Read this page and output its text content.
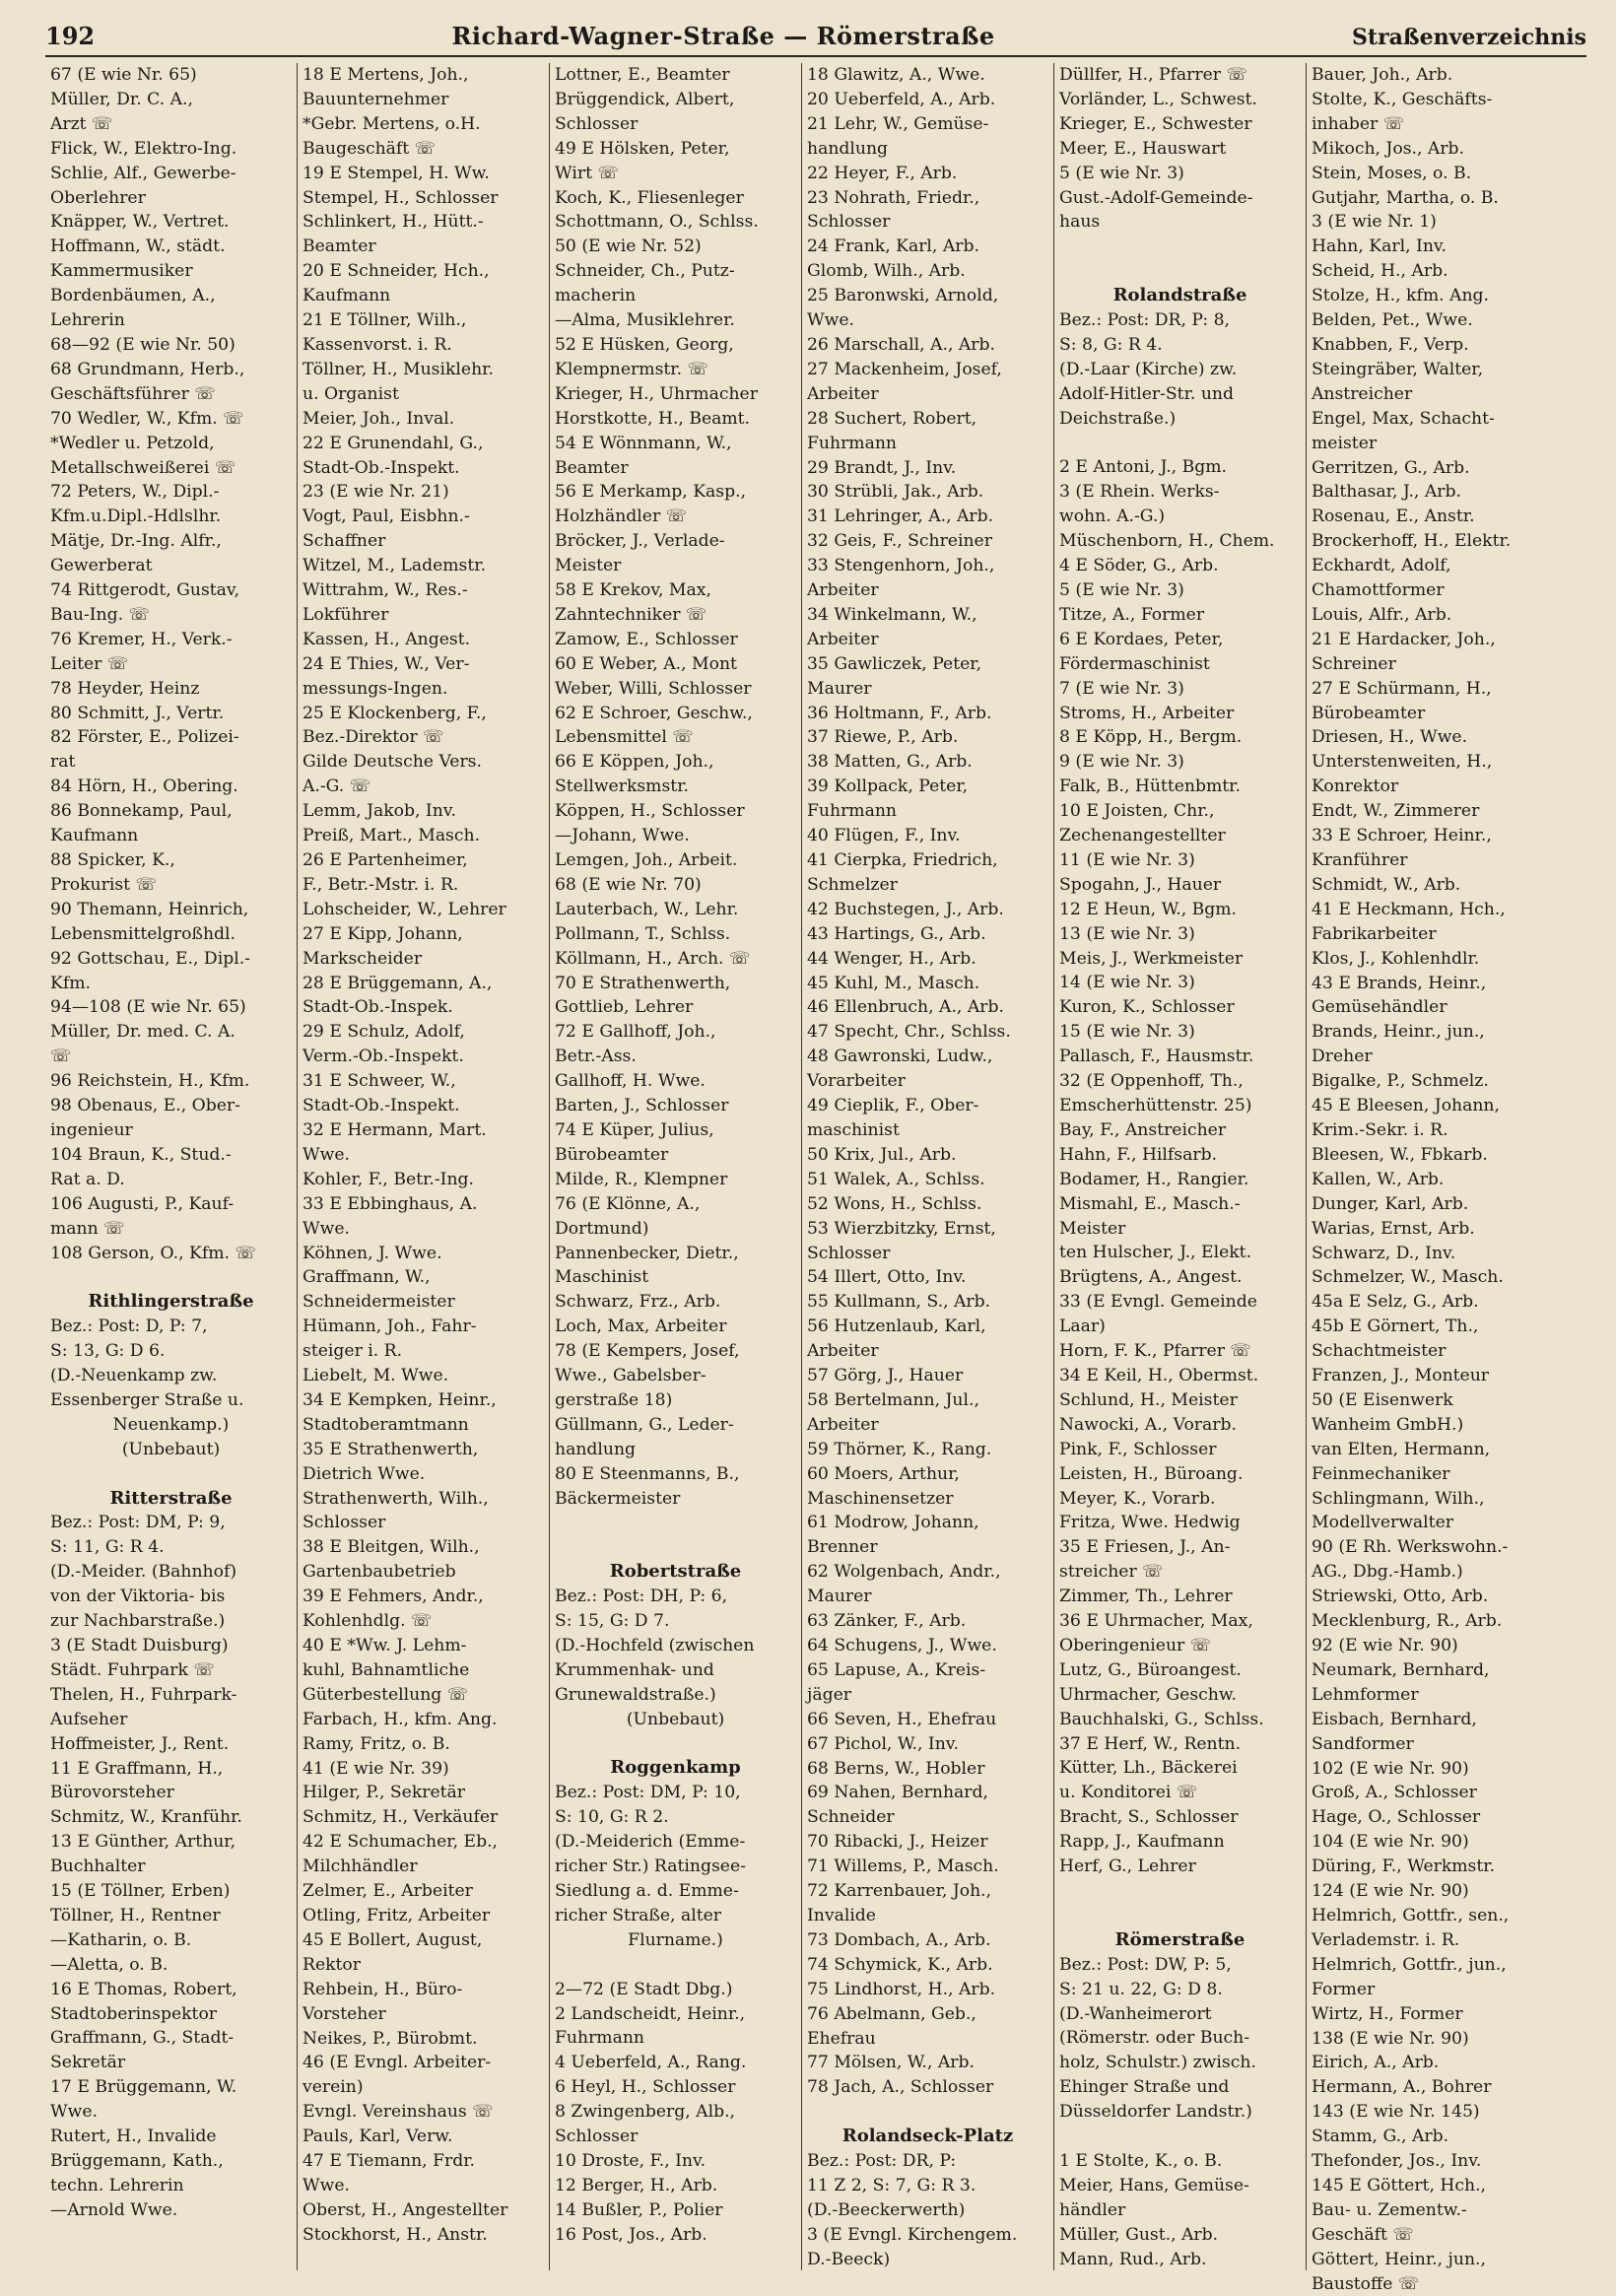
192	Richard-Wagner-Straße — Römerstraße	Straßenverzeichnis
67 (E wie Nr. 65)
Müller, Dr. C. A.,
Arzt ☏
Flick, W., Elektro-Ing.
Schlie, Alf., Gewerbe-
Oberlehrer
Knäpper, W., Vertret.
Hoffmann, W., städt.
Kammermusiker
Bordenbäumen, A.,
Lehrerin
68—92 (E wie Nr. 50)
68 Grundmann, Herb.,
Geschäftsführer ☏
70 Wedler, W., Kfm. ☏
*Wedler u. Petzold,
Metallschweißerei ☏
72 Peters, W., Dipl.-
Kfm.u.Dipl.-Hdlslhr.
Mätje, Dr.-Ing. Alfr.,
Gewerberat
74 Rittgerodt, Gustav,
Bau-Ing. ☏
76 Kremer, H., Verk.-
Leiter ☏
78 Heyder, Heinz
80 Schmitt, J., Vertr.
82 Förster, E., Polizei-
rat
84 Hörn, H., Obering.
86 Bonnekamp, Paul,
Kaufmann
88 Spicker, K.,
Prokurist ☏
90 Themann, Heinrich,
Lebensmittelgroßhdl.
92 Gottschau, E., Dipl.-
Kfm.
94—108 (E wie Nr. 65)
Müller, Dr. med. C. A.
☏
96 Reichstein, H., Kfm.
98 Obenaus, E., Ober-
ingenieur
104 Braun, K., Stud.-
Rat a. D.
106 Augusti, P., Kauf-
mann ☏
108 Gerson, O., Kfm. ☏
Rithlingerstraße
Bez.: Post: D, P: 7,
S: 13, G: D 6.
(D.-Neuenkamp zw.
Essenberger Straße u.
Neuenkamp.)
(Unbebaut)
Ritterstraße
Bez.: Post: DM, P: 9,
S: 11, G: R 4.
(D.-Meider. (Bahnhof)
von der Viktoria- bis
zur Nachbarstraße.)
3 (E Stadt Duisburg)
Städt. Fuhrpark ☏
Thelen, H., Fuhrpark-
Aufseher
Hoffmeister, J., Rent.
11 E Graffmann, H.,
Bürovorsteher
Schmitz, W., Kranführ.
13 E Günther, Arthur,
Buchhalter
15 (E Töllner, Erben)
Töllner, H., Rentner
—Katharin, o. B.
—Aletta, o. B.
16 E Thomas, Robert,
Stadtoberinspektor
Graffmann, G., Stadt-
Sekretär
17 E Brüggemann, W.
Wwe.
Rutert, H., Invalide
Brüggemann, Kath.,
techn. Lehrerin
—Arnold Wwe.
18 E Mertens, Joh.,
Bauunternehmer
*Gebr. Mertens, o.H.
Baugeschäft ☏
19 E Stempel, H. Ww.
Stempel, H., Schlosser
Schlinkert, H., Hütt.-
Beamter
20 E Schneider, Hch.,
Kaufmann
21 E Töllner, Wilh.,
Kassenvorst. i. R.
Töllner, H., Musiklehr.
u. Organist
Meier, Joh., Inval.
22 E Grunendahl, G.,
Stadt-Ob.-Inspekt.
23 (E wie Nr. 21)
Vogt, Paul, Eisbhn.-
Schaffner
Witzel, M., Lademstr.
Wittrahm, W., Res.-
Lokführer
Kassen, H., Angest.
24 E Thies, W., Ver-
messungs-Ingen.
25 E Klockenberg, F.,
Bez.-Direktor ☏
Gilde Deutsche Vers.
A.-G. ☏
Lemm, Jakob, Inv.
Preiß, Mart., Masch.
26 E Partenheimer,
F., Betr.-Mstr. i. R.
Lohscheider, W., Lehrer
27 E Kipp, Johann,
Markscheider
28 E Brüggemann, A.,
Stadt-Ob.-Inspek.
29 E Schulz, Adolf,
Verm.-Ob.-Inspekt.
31 E Schweer, W.,
Stadt-Ob.-Inspekt.
32 E Hermann, Mart.
Wwe.
Kohler, F., Betr.-Ing.
33 E Ebbinghaus, A.
Wwe.
Köhnen, J. Wwe.
Graffmann, W.,
Schneidermeister
Hümann, Joh., Fahr-
steiger i. R.
Liebelt, M. Wwe.
34 E Kempken, Heinr.,
Stadtoberamtmann
35 E Strathenwerth,
Dietrich Wwe.
Strathenwerth, Wilh.,
Schlosser
38 E Bleitgen, Wilh.,
Gartenbaubetrieb
39 E Fehmers, Andr.,
Kohlenhdlg. ☏
40 E *Ww. J. Lehm-
kuhl, Bahnamtliche
Güterbestellung ☏
Farbach, H., kfm. Ang.
Ramy, Fritz, o. B.
41 (E wie Nr. 39)
Hilger, P., Sekretär
Schmitz, H., Verkäufer
42 E Schumacher, Eb.,
Milchhändler
Zelmer, E., Arbeiter
Otling, Fritz, Arbeiter
45 E Bollert, August,
Rektor
Rehbein, H., Büro-
Vorsteher
Neikes, P., Bürobmt.
46 (E Evngl. Arbeiter-
verein)
Evngl. Vereinshaus ☏
Pauls, Karl, Verw.
47 E Tiemann, Frdr.
Wwe.
Oberst, H., Angestellter
Stockhorst, H., Anstr.
Lottner, E., Beamter
Brüggendick, Albert,
Schlosser
49 E Hölsken, Peter,
Wirt ☏
Koch, K., Fliesenleger
Schottmann, O., Schlss.
50 (E wie Nr. 52)
Schneider, Ch., Putz-
macherin
—Alma, Musiklehrer.
52 E Hüsken, Georg,
Klempnermstr. ☏
Krieger, H., Uhrmacher
Horstkotte, H., Beamt.
54 E Wönnmann, W.,
Beamter
56 E Merkamp, Kasp.,
Holzhändler ☏
Bröcker, J., Verlade-
Meister
58 E Krekov, Max,
Zahntechniker ☏
Zamow, E., Schlosser
60 E Weber, A., Mont
Weber, Willi, Schlosser
62 E Schroer, Geschw.,
Lebensmittel ☏
66 E Köppen, Joh.,
Stellwerksmstr.
Köppen, H., Schlosser
—Johann, Wwe.
Lemgen, Joh., Arbeit.
68 (E wie Nr. 70)
Lauterbach, W., Lehr.
Pollmann, T., Schlss.
Köllmann, H., Arch. ☏
70 E Strathenwerth,
Gottlieb, Lehrer
72 E Gallhoff, Joh.,
Betr.-Ass.
Gallhoff, H. Wwe.
Barten, J., Schlosser
74 E Küper, Julius,
Bürobeamter
Milde, R., Klempner
76 (E Klönne, A.,
Dortmund)
Pannenbecker, Dietr.,
Maschinist
Schwarz, Frz., Arb.
Loch, Max, Arbeiter
78 (E Kempers, Josef,
Wwe., Gabelsber-
gerstraße 18)
Güllmann, G., Leder-
handlung
80 E Steenmanns, B.,
Bäckermeister
Robertstraße
Bez.: Post: DH, P: 6,
S: 15, G: D 7.
(D.-Hochfeld (zwischen
Krummenhak- und
Grunewaldstraße.)
(Unbebaut)
Roggenkamp
Bez.: Post: DM, P: 10,
S: 10, G: R 2.
(D.-Meiderich (Emme-
richer Str.) Ratingsee-
Siedlung a. d. Emme-
richer Straße, alter
Flurname.)
2—72 (E Stadt Dbg.)
2 Landscheidt, Heinr.,
Fuhrmann
4 Ueberfeld, A., Rang.
6 Heyl, H., Schlosser
8 Zwingenberg, Alb.,
Schlosser
10 Droste, F., Inv.
12 Berger, H., Arb.
14 Bußler, P., Polier
16 Post, Jos., Arb.
18 Glawitz, A., Wwe.
20 Ueberfeld, A., Arb.
21 Lehr, W., Gemüse-
handlung
22 Heyer, F., Arb.
23 Nohrath, Friedr.,
Schlosser
24 Frank, Karl, Arb.
Glomb, Wilh., Arb.
25 Baronwski, Arnold,
Wwe.
26 Marschall, A., Arb.
27 Mackenheim, Josef,
Arbeiter
28 Suchert, Robert,
Fuhrmann
29 Brandt, J., Inv.
30 Strübli, Jak., Arb.
31 Lehringer, A., Arb.
32 Geis, F., Schreiner
33 Stengenhorn, Joh.,
Arbeiter
34 Winkelmann, W.,
Arbeiter
35 Gawliczek, Peter,
Maurer
36 Holtmann, F., Arb.
37 Riewe, P., Arb.
38 Matten, G., Arb.
39 Kollpack, Peter,
Fuhrmann
40 Flügen, F., Inv.
41 Cierpka, Friedrich,
Schmelzer
42 Buchstegen, J., Arb.
43 Hartings, G., Arb.
44 Wenger, H., Arb.
45 Kuhl, M., Masch.
46 Ellenbruch, A., Arb.
47 Specht, Chr., Schlss.
48 Gawronski, Ludw.,
Vorarbeiter
49 Cieplik, F., Ober-
maschinist
50 Krix, Jul., Arb.
51 Walek, A., Schlss.
52 Wons, H., Schlss.
53 Wierzbitzky, Ernst,
Schlosser
54 Illert, Otto, Inv.
55 Kullmann, S., Arb.
56 Hutzenlaub, Karl,
Arbeiter
57 Görg, J., Hauer
58 Bertelmann, Jul.,
Arbeiter
59 Thörner, K., Rang.
60 Moers, Arthur,
Maschinensetzer
61 Modrow, Johann,
Brenner
62 Wolgenbach, Andr.,
Maurer
63 Zänker, F., Arb.
64 Schugens, J., Wwe.
65 Lapuse, A., Kreis-
jäger
66 Seven, H., Ehefrau
67 Pichol, W., Inv.
68 Berns, W., Hobler
69 Nahen, Bernhard,
Schneider
70 Ribacki, J., Heizer
71 Willems, P., Masch.
72 Karrenbauer, Joh.,
Invalide
73 Dombach, A., Arb.
74 Schymick, K., Arb.
75 Lindhorst, H., Arb.
76 Abelmann, Geb.,
Ehefrau
77 Mölsen, W., Arb.
78 Jach, A., Schlosser
Rolandseck-Platz
Bez.: Post: DR, P:
11 Z 2, S: 7, G: R 3.
(D.-Beeckerwerth)
3 (E Evngl. Kirchengem.
D.-Beeck)
Düllfer, H., Pfarrer ☏
Vorländer, L., Schwest.
Krieger, E., Schwester
Meer, E., Hauswart
5 (E wie Nr. 3)
Gust.-Adolf-Gemeinde-
haus
Rolandstraße
Bez.: Post: DR, P: 8,
S: 8, G: R 4.
(D.-Laar (Kirche) zw.
Adolf-Hitler-Str. und
Deichstraße.)
2 E Antoni, J., Bgm.
3 (E Rhein. Werks-
wohn. A.-G.)
Müschenborn, H., Chem.
4 E Söder, G., Arb.
5 (E wie Nr. 3)
Titze, A., Former
6 E Kordaes, Peter,
Fördermaschinist
7 (E wie Nr. 3)
Stroms, H., Arbeiter
8 E Köpp, H., Bergm.
9 (E wie Nr. 3)
Falk, B., Hüttenbmtr.
10 E Joisten, Chr.,
Zechenangestellter
11 (E wie Nr. 3)
Spogahn, J., Hauer
12 E Heun, W., Bgm.
13 (E wie Nr. 3)
Meis, J., Werkmeister
14 (E wie Nr. 3)
Kuron, K., Schlosser
15 (E wie Nr. 3)
Pallasch, F., Hausmstr.
32 (E Oppenhoff, Th.,
Emscherhüttenstr. 25)
Bay, F., Anstreicher
Hahn, F., Hilfsarb.
Bodamer, H., Rangier.
Mismahl, E., Masch.-
Meister
ten Hulscher, J., Elekt.
Brügtens, A., Angest.
33 (E Evngl. Gemeinde
Laar)
Horn, F. K., Pfarrer ☏
34 E Keil, H., Obermst.
Schlund, H., Meister
Nawocki, A., Vorarb.
Pink, F., Schlosser
Leisten, H., Büroang.
Meyer, K., Vorarb.
Fritza, Wwe. Hedwig
35 E Friesen, J., An-
streicher ☏
Zimmer, Th., Lehrer
36 E Uhrmacher, Max,
Oberingenieur ☏
Lutz, G., Büroangest.
Uhrmacher, Geschw.
Bauchhalski, G., Schlss.
37 E Herf, W., Rentn.
Kütter, Lh., Bäckerei
u. Konditorei ☏
Bracht, S., Schlosser
Rapp, J., Kaufmann
Herf, G., Lehrer
Römerstraße
Bez.: Post: DW, P: 5,
S: 21 u. 22, G: D 8.
(D.-Wanheimerort
(Römerstr. oder Buch-
holz, Schulstr.) zwisch.
Ehinger Straße und
Düsseldorfer Landstr.)
1 E Stolte, K., o. B.
Meier, Hans, Gemüse-
händler
Müller, Gust., Arb.
Mann, Rud., Arb.
Bauer, Joh., Arb.
Stolte, K., Geschäfts-
inhaber ☏
Mikoch, Jos., Arb.
Stein, Moses, o. B.
Gutjahr, Martha, o. B.
3 (E wie Nr. 1)
Hahn, Karl, Inv.
Scheid, H., Arb.
Stolze, H., kfm. Ang.
Belden, Pet., Wwe.
Knabben, F., Verp.
Steingräber, Walter,
Anstreicher
Engel, Max, Schacht-
meister
Gerritzen, G., Arb.
Balthasar, J., Arb.
Rosenau, E., Anstr.
Brockerhoff, H., Elektr.
Eckhardt, Adolf,
Chamottformer
Louis, Alfr., Arb.
21 E Hardacker, Joh.,
Schreiner
27 E Schürmann, H.,
Bürobeamter
Driesen, H., Wwe.
Unterstenweiten, H.,
Konrektor
Endt, W., Zimmerer
33 E Schroer, Heinr.,
Kranführer
Schmidt, W., Arb.
41 E Heckmann, Hch.,
Fabrikarbeiter
Klos, J., Kohlenhdlr.
43 E Brands, Heinr.,
Gemüsehändler
Brands, Heinr., jun.,
Dreher
Bigalke, P., Schmelz.
45 E Bleesen, Johann,
Krim.-Sekr. i. R.
Bleesen, W., Fbkarb.
Kallen, W., Arb.
Dunger, Karl, Arb.
Warias, Ernst, Arb.
Schwarz, D., Inv.
Schmelzer, W., Masch.
45a E Selz, G., Arb.
45b E Görnert, Th.,
Schachtmeister
Franzen, J., Monteur
50 (E Eisenwerk
Wanheim GmbH.)
van Elten, Hermann,
Feinmechaniker
Schlingmann, Wilh.,
Modellverwalter
90 (E Rh. Werkswohn.-
AG., Dbg.-Hamb.)
Striewski, Otto, Arb.
Mecklenburg, R., Arb.
92 (E wie Nr. 90)
Neumark, Bernhard,
Lehmformer
Eisbach, Bernhard,
Sandformer
102 (E wie Nr. 90)
Groß, A., Schlosser
Hage, O., Schlosser
104 (E wie Nr. 90)
Düring, F., Werkmstr.
124 (E wie Nr. 90)
Helmrich, Gottfr., sen.,
Verlademstr. i. R.
Helmrich, Gottfr., jun.,
Former
Wirtz, H., Former
138 (E wie Nr. 90)
Eirich, A., Arb.
Hermann, A., Bohrer
143 (E wie Nr. 145)
Stamm, G., Arb.
Thefonder, Jos., Inv.
145 E Göttert, Hch.,
Bau- u. Zementw.-
Geschäft ☏
Göttert, Heinr., jun.,
Baustoffe ☏
